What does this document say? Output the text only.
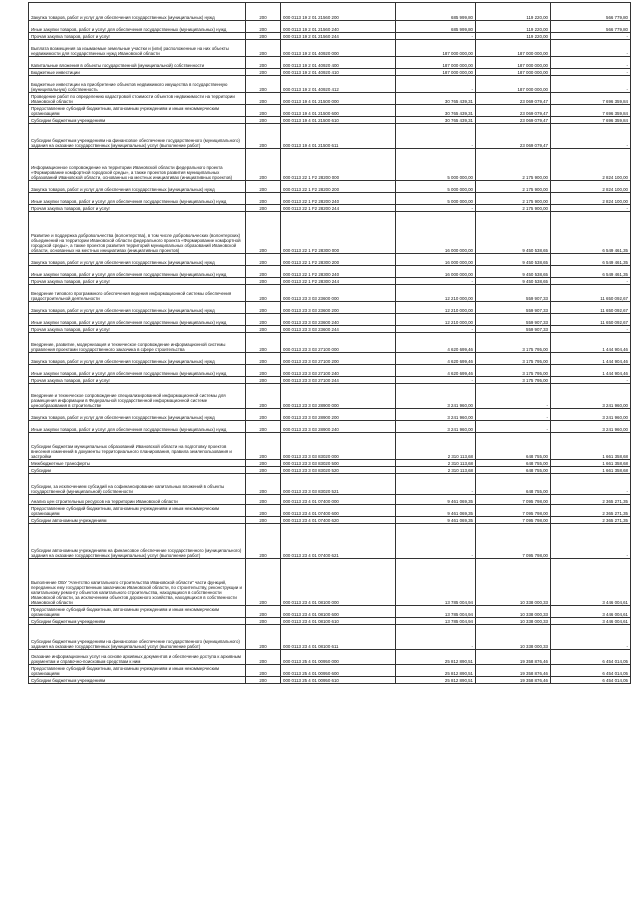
Закупка товаров, работ и услуг для обеспечения государственных (муниципальных) нужд	200	000 0113 19 2 01 21560 200	685 999,80	119 220,00	566 779,80
Иные закупки товаров, работ и услуг для обеспечения государственных (муниципальных) нужд	200	000 0113 19 2 01 21560 240	685 999,80	119 220,00	566 779,80
Прочая закупка товаров, работ и услуг	200	000 0113 19 2 01 21560 244	-	119 220,00	-
Выплата возмещения за изымаемые земельные участки и (или) расположенные на них объекты недвижимости для государственных нужд Ивановской области	200	000 0113 19 2 01 40920 000	187 000 000,00	187 000 000,00	-
Капитальные вложения в объекты государственной (муниципальной) собственности	200	000 0113 19 2 01 40920 400	187 000 000,00	187 000 000,00	-
Бюджетные инвестиции	200	000 0113 19 2 01 40920 410	187 000 000,00	187 000 000,00	-
Бюджетные инвестиции на приобретение объектов недвижимого имущества в государственную (муниципальную) собственность	200	000 0113 19 2 01 40920 412	-	187 000 000,00	-
Проведение работ по определению кадастровой стоимости объектов недвижимости на территории Ивановской области	200	000 0113 19 4 01 21500 000	30 765 439,31	23 069 079,47	7 696 359,84
Предоставление субсидий бюджетным, автономным учреждениям и иным некоммерческим организациям	200	000 0113 19 4 01 21500 600	30 765 439,31	23 069 079,47	7 696 359,84
Субсидии бюджетным учреждениям	200	000 0113 19 4 01 21500 610	30 765 439,31	23 069 079,47	7 696 359,84
Субсидии бюджетным учреждениям на финансовое обеспечение государственного (муниципального) задания на оказание государственных (муниципальных) услуг (выполнение работ)	200	000 0113 19 4 01 21500 611	-	23 069 079,47	-
Информационное сопровождение на территории Ивановской области федерального проекта «Формирование комфортной городской среды», а также проектов развития муниципальных образований Ивановской области, основанных на местных инициативах (инициативных проектов)	200	000 0113 22 1 F2 28200 000	5 000 000,00	2 175 900,00	2 824 100,00
Закупка товаров, работ и услуг для обеспечения государственных (муниципальных) нужд	200	000 0113 22 1 F2 28200 200	5 000 000,00	2 175 900,00	2 824 100,00
Иные закупки товаров, работ и услуг для обеспечения государственных (муниципальных) нужд	200	000 0113 22 1 F2 28200 240	5 000 000,00	2 175 900,00	2 824 100,00
Прочая закупка товаров, работ и услуг	200	000 0113 22 1 F2 28200 244	-	2 175 900,00	-
Развитие и поддержка добровольчества (волонтерства), в том числе добровольческих (волонтерских) объединений на территории Ивановской области федерального проекта «Формирование комфортной городской среды», а также проектов развития территорий муниципальных образований Ивановской области, основанных на местных инициативах (инициативных проектов)	200	000 0113 22 1 F2 28300 000	16 000 000,00	9 450 538,65	6 549 461,35
Закупка товаров, работ и услуг для обеспечения государственных (муниципальных) нужд	200	000 0113 22 1 F2 28300 200	16 000 000,00	9 450 538,65	6 549 461,35
Иные закупки товаров, работ и услуг для обеспечения государственных (муниципальных) нужд	200	000 0113 22 1 F2 28300 240	16 000 000,00	9 450 538,65	6 549 461,35
Прочая закупка товаров, работ и услуг	200	000 0113 22 1 F2 28300 244	-	9 450 538,65	-
Внедрение типового программного обеспечения ведения информационной системы обеспечения градостроительной деятельности	200	000 0113 23 3 03 23600 000	12 210 000,00	559 907,33	11 650 092,67
Закупка товаров, работ и услуг для обеспечения государственных (муниципальных) нужд	200	000 0113 23 3 03 23600 200	12 210 000,00	559 907,33	11 650 092,67
Иные закупки товаров, работ и услуг для обеспечения государственных (муниципальных) нужд	200	000 0113 23 3 03 23600 240	12 210 000,00	559 907,33	11 650 092,67
Прочая закупка товаров, работ и услуг	200	000 0113 23 3 03 23600 244	-	559 907,33	-
Внедрение, развитие, модернизация и техническое сопровождение информационной системы управления проектами государственного заказчика в сфере строительства	200	000 0113 23 3 03 27100 000	4 620 699,46	3 175 795,00	1 444 904,46
Закупка товаров, работ и услуг для обеспечения государственных (муниципальных) нужд	200	000 0113 23 3 03 27100 200	4 620 699,46	3 175 795,00	1 444 904,46
Иные закупки товаров, работ и услуг для обеспечения государственных (муниципальных) нужд	200	000 0113 23 3 03 27100 240	4 620 699,46	3 175 795,00	1 444 904,46
Прочая закупка товаров, работ и услуг	200	000 0113 23 3 03 27100 244	-	3 175 795,00	-
Внедрение и техническое сопровождение специализированной информационной системы для размещения информации в Федеральной государственной информационной системе ценообразования в строительстве	200	000 0113 23 3 03 28900 000	3 241 960,00	-	3 241 960,00
Закупка товаров, работ и услуг для обеспечения государственных (муниципальных) нужд	200	000 0113 23 3 03 28900 200	3 241 960,00	-	3 241 960,00
Иные закупки товаров, работ и услуг для обеспечения государственных (муниципальных) нужд	200	000 0113 23 3 03 28900 240	3 241 960,00	-	3 241 960,00
Субсидии бюджетам муниципальных образований Ивановской области на подготовку проектов внесения изменений в документы территориального планирования, правила землепользования и застройки	200	000 0113 23 3 03 83020 000	2 310 113,68	648 755,00	1 661 358,68
Межбюджетные трансферты	200	000 0113 23 3 03 83020 500	2 310 113,68	648 755,00	1 661 358,68
Субсидии	200	000 0113 23 3 03 83020 520	2 310 113,68	648 755,00	1 661 358,68
Субсидии, за исключением субсидий на софинансирование капитальных вложений в объекты государственной (муниципальной) собственности	200	000 0113 23 3 03 83020 521	-	648 755,00	-
Анализ цен строительных ресурсов на территории Ивановской области	200	000 0113 23 4 01 07400 000	9 461 069,35	7 095 798,00	2 365 271,35
Предоставление субсидий бюджетным, автономным учреждениям и иным некоммерческим организациям	200	000 0113 23 4 01 07400 600	9 461 069,35	7 095 798,00	2 365 271,35
Субсидии автономным учреждениям	200	000 0113 23 4 01 07400 620	9 461 069,35	7 095 798,00	2 365 271,35
Субсидии автономным учреждениям на финансовое обеспечение государственного (муниципального) задания на оказание государственных (муниципальных) услуг (выполнение работ)	200	000 0113 23 4 01 07400 621	-	7 095 798,00	-
Выполнение ОБУ "Агентство капитального строительства Ивановской области" части функций, переданных ему государственным заказчиком Ивановской области, по строительству, реконструкции и капитальному ремонту объектов капитального строительства, находящихся в собственности Ивановской области, за исключением объектов дорожного хозяйства, находящихся в собственности Ивановской области	200	000 0113 23 4 01 08100 000	13 785 004,94	10 338 000,33	3 446 004,61
Предоставление субсидий бюджетным, автономным учреждениям и иным некоммерческим организациям	200	000 0113 23 4 01 08100 600	13 785 004,94	10 338 000,33	3 446 004,61
Субсидии бюджетным учреждениям	200	000 0113 23 4 01 08100 610	13 785 004,94	10 338 000,33	3 446 004,61
Субсидии бюджетным учреждениям на финансовое обеспечение государственного (муниципального) задания на оказание государственных (муниципальных) услуг (выполнение работ)	200	000 0113 23 4 01 08100 611	-	10 338 000,33	-
Оказание информационных услуг на основе архивных документов и обеспечение доступа к архивным документам и справочно-поисковым средствам к ним	200	000 0113 25 4 01 00950 000	25 812 890,51	19 358 876,46	6 454 014,05
Предоставление субсидий бюджетным, автономным учреждениям и иным некоммерческим организациям	200	000 0113 25 4 01 00950 600	25 812 890,51	19 358 876,46	6 454 014,05
Субсидии бюджетным учреждениям	200	000 0113 25 4 01 00950 610	25 812 890,51	19 358 876,46	6 454 014,05
